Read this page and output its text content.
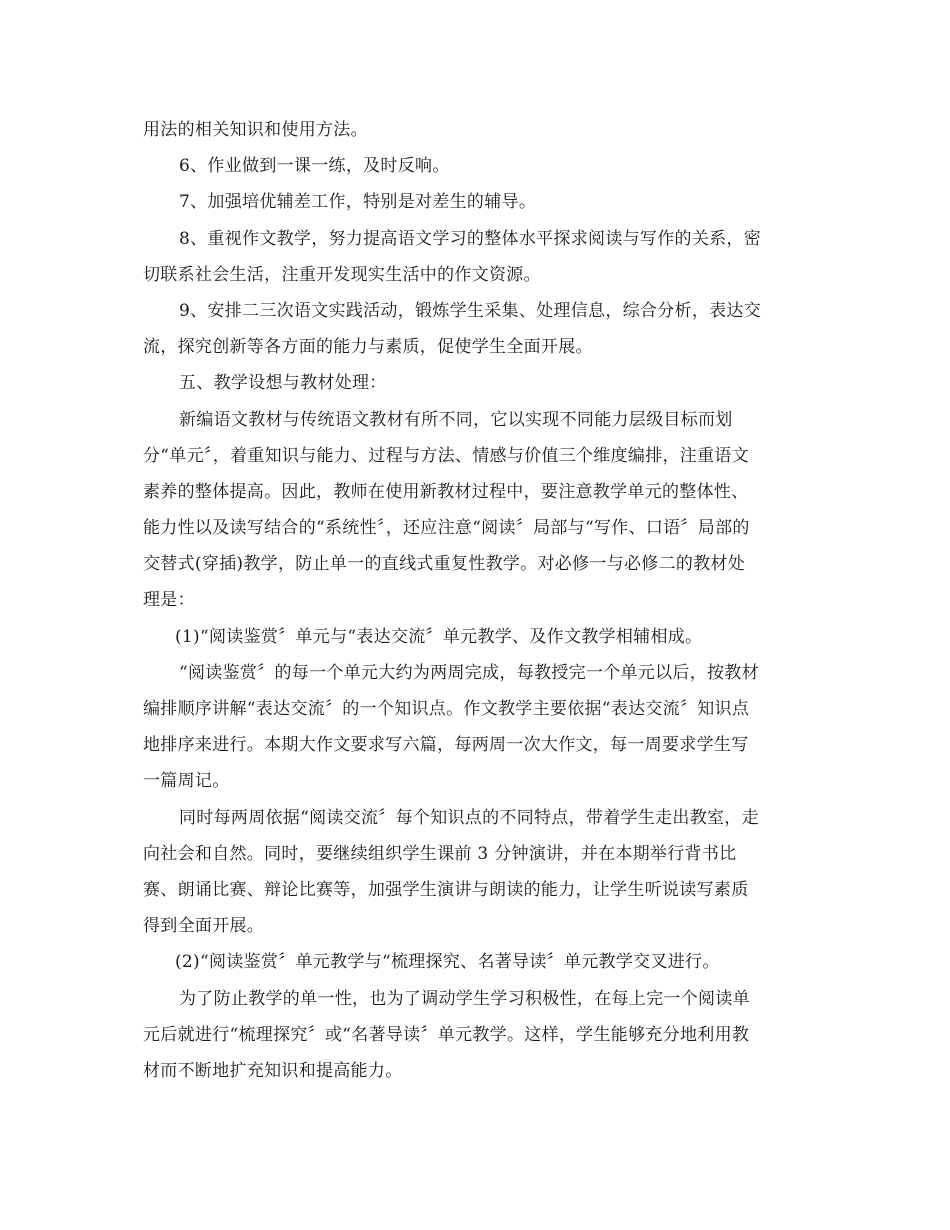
用法的相关知识和使用方法。
6、作业做到一课一练，及时反响。
7、加强培优辅差工作，特别是对差生的辅导。
8、重视作文教学，努力提高语文学习的整体水平探求阅读与写作的关系，密
切联系社会生活，注重开发现实生活中的作文资源。
9、安排二三次语文实践活动，锻炼学生采集、处理信息，综合分析，表达交
流，探究创新等各方面的能力与素质，促使学生全面开展。
五、教学设想与教材处理：
新编语文教材与传统语文教材有所不同，它以实现不同能力层级目标而划
分“单元〞，着重知识与能力、过程与方法、情感与价值三个维度编排，注重语文
素养的整体提高。因此，教师在使用新教材过程中，要注意教学单元的整体性、
能力性以及读写结合的“系统性〞，还应注意“阅读〞局部与“写作、口语〞局部的
交替式(穿插)教学，防止单一的直线式重复性教学。对必修一与必修二的教材处
理是：
(1)“阅读鉴赏〞单元与“表达交流〞单元教学、及作文教学相辅相成。
“阅读鉴赏〞的每一个单元大约为两周完成，每教授完一个单元以后，按教材
编排顺序讲解“表达交流〞的一个知识点。作文教学主要依据“表达交流〞知识点
地排序来进行。本期大作文要求写六篇，每两周一次大作文，每一周要求学生写
一篇周记。
同时每两周依据“阅读交流〞每个知识点的不同特点，带着学生走出教室，走
向社会和自然。同时，要继续组织学生课前 3 分钟演讲，并在本期举行背书比
赛、朗诵比赛、辩论比赛等，加强学生演讲与朗读的能力，让学生听说读写素质
得到全面开展。
(2)“阅读鉴赏〞单元教学与“梳理探究、名著导读〞单元教学交叉进行。
为了防止教学的单一性，也为了调动学生学习积极性，在每上完一个阅读单
元后就进行“梳理探究〞或“名著导读〞单元教学。这样，学生能够充分地利用教
材而不断地扩充知识和提高能力。
